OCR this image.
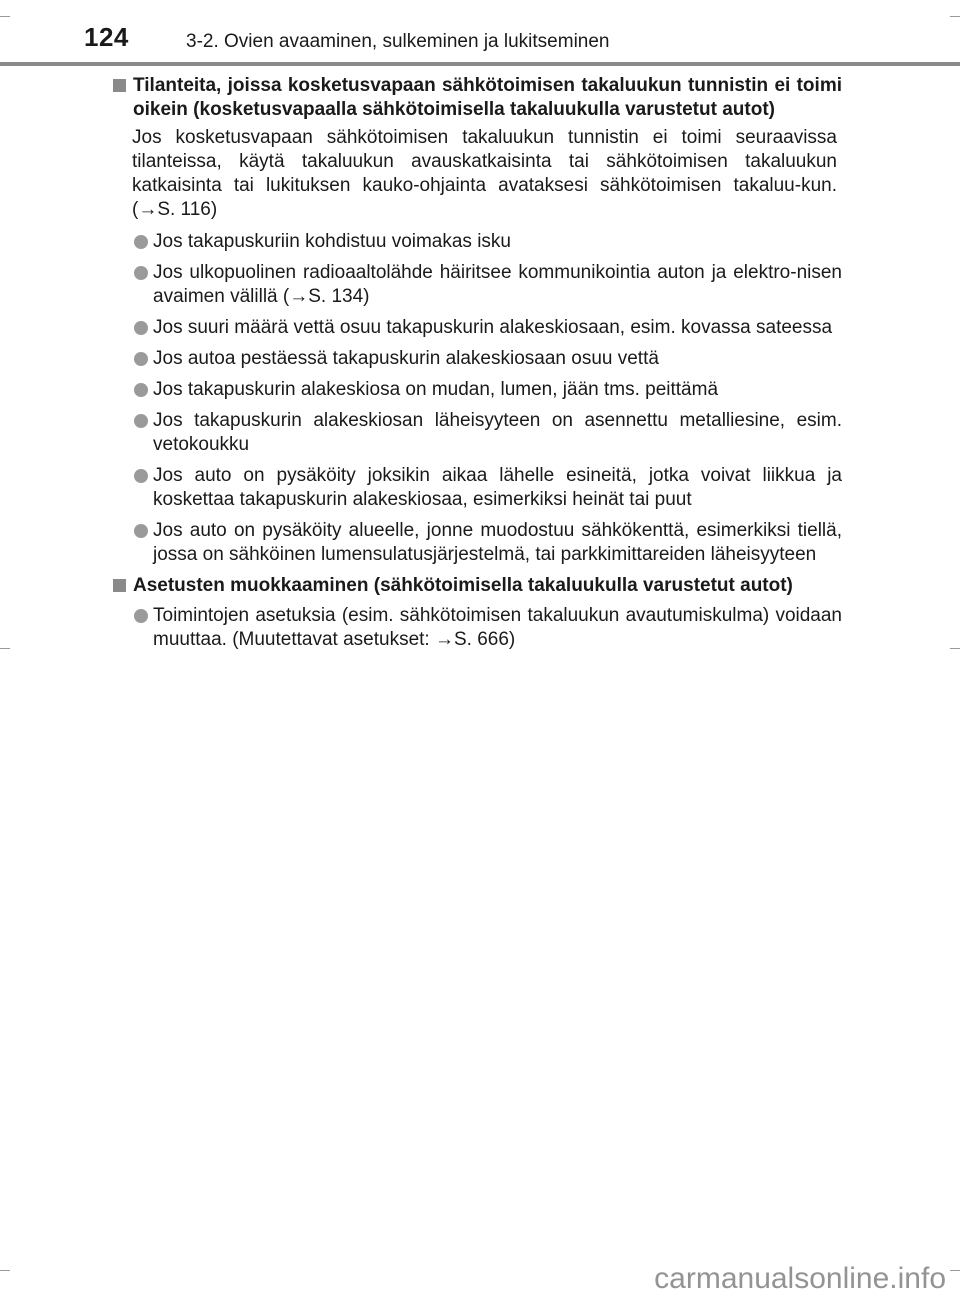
124	3-2. Ovien avaaminen, sulkeminen ja lukitseminen
Tilanteita, joissa kosketusvapaan sähkötoimisen takaluukun tunnistin ei toimi oikein (kosketusvapaalla sähkötoimisella takaluukulla varustetut autot)

Jos kosketusvapaan sähkötoimisen takaluukun tunnistin ei toimi seuraavissa tilanteissa, käytä takaluukun avauskatkaisinta tai sähkötoimisen takaluukun katkaisinta tai lukituksen kauko-ohjainta avataksesi sähkötoimisen takaluu-kun. (→S. 116)

Jos takapuskuriin kohdistuu voimakas isku
Jos ulkopuolinen radioaaltolähde häiritsee kommunikointia auton ja elektro-nisen avaimen välillä (→S. 134)
Jos suuri määrä vettä osuu takapuskurin alakeskiosaan, esim. kovassa sateessa
Jos autoa pestäessä takapuskurin alakeskiosaan osuu vettä
Jos takapuskurin alakeskiosa on mudan, lumen, jään tms. peittämä
Jos takapuskurin alakeskiosan läheisyyteen on asennettu metalliesine, esim. vetokoukku
Jos auto on pysäköity joksikin aikaa lähelle esineitä, jotka voivat liikkua ja koskettaa takapuskurin alakeskiosaa, esimerkiksi heinät tai puut
Jos auto on pysäköity alueelle, jonne muodostuu sähkökenttä, esimerkiksi tiellä, jossa on sähköinen lumensulatusjärjestelmä, tai parkkimittareiden läheisyyteen
Asetusten muokkaaminen (sähkötoimisella takaluukulla varustetut autot)
Toimintojen asetuksia (esim. sähkötoimisen takaluukun avautumiskulma) voidaan muuttaa. (Muutettavat asetukset: →S. 666)
carmanualsonline.info
